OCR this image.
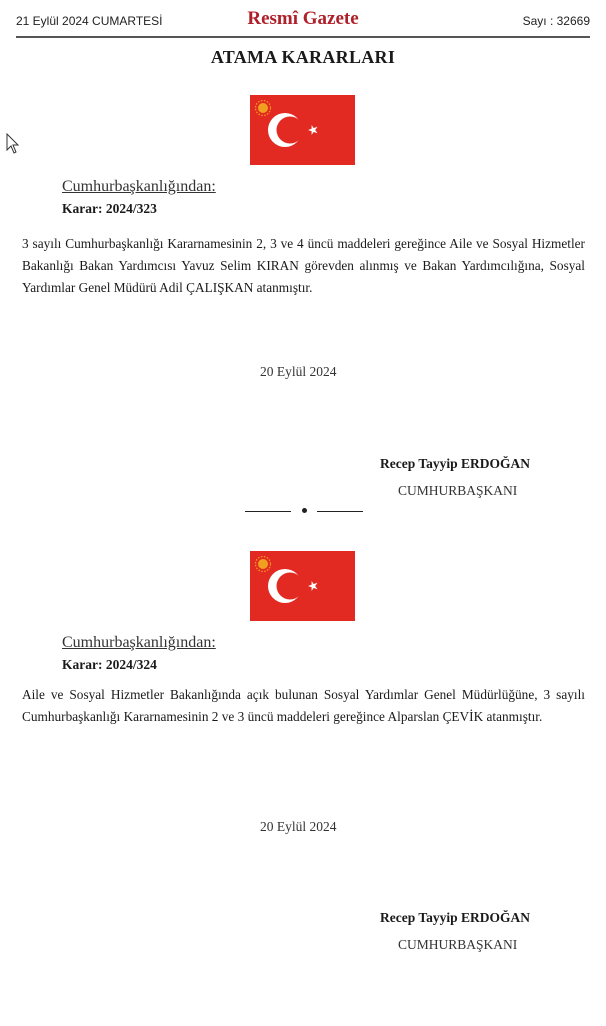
21 Eylül 2024 CUMARTESİ	Resmî Gazete	Sayı : 32669
ATAMA KARARLARI
Cumhurbaşkanlığından:
Karar: 2024/323
3 sayılı Cumhurbaşkanlığı Kararnamesinin 2, 3 ve 4 üncü maddeleri gereğince Aile ve Sosyal Hizmetler Bakanlığı Bakan Yardımcısı Yavuz Selim KIRAN görevden alınmış ve Bakan Yardımcılığına, Sosyal Yardımlar Genel Müdürü Adil ÇALIŞKAN atanmıştır.
20 Eylül 2024
Recep Tayyip ERDOĞAN
CUMHURBAŞKANI
Cumhurbaşkanlığından:
Karar: 2024/324
Aile ve Sosyal Hizmetler Bakanlığında açık bulunan Sosyal Yardımlar Genel Müdürlüğüne, 3 sayılı Cumhurbaşkanlığı Kararnamesinin 2 ve 3 üncü maddeleri gereğince Alparslan ÇEVİK atanmıştır.
20 Eylül 2024
Recep Tayyip ERDOĞAN
CUMHURBAŞKANI
